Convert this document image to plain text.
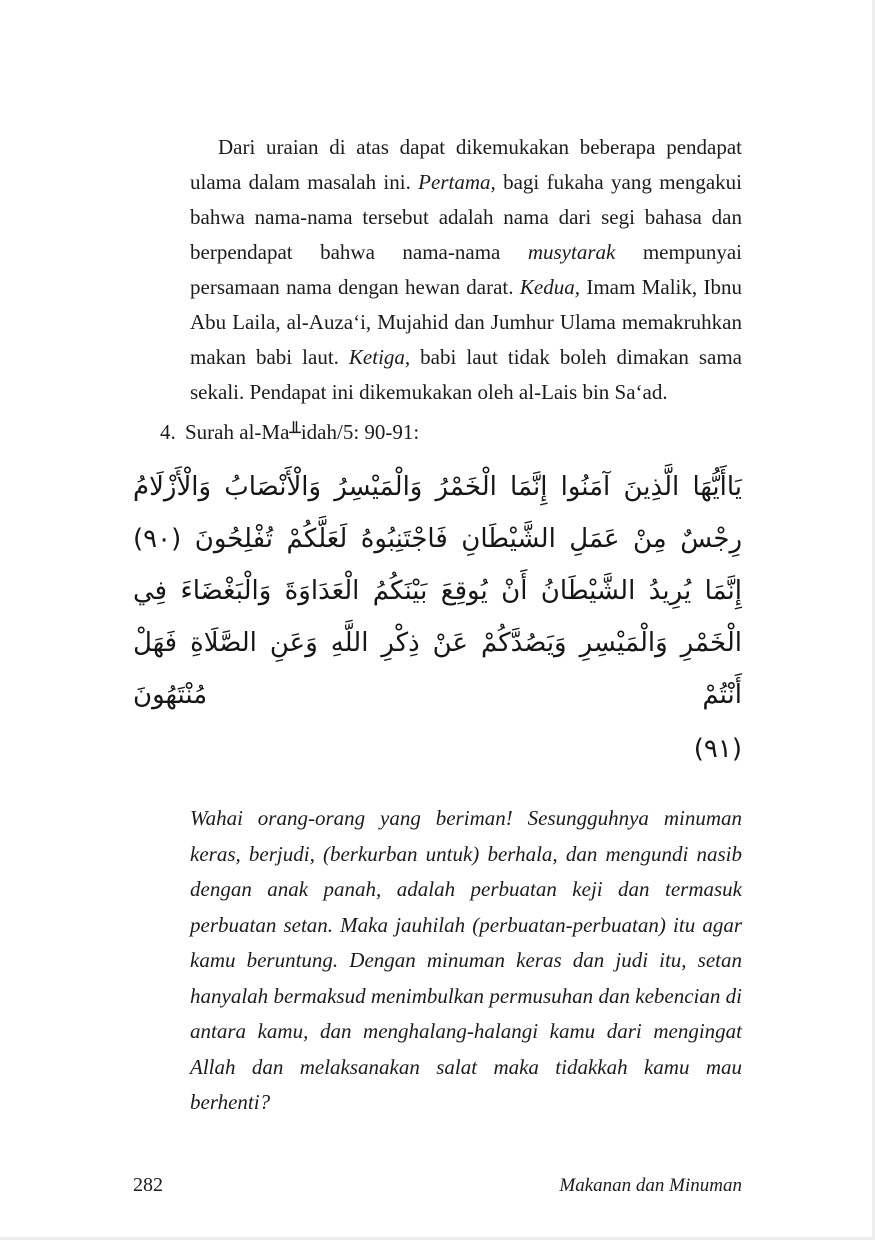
Dari uraian di atas dapat dikemukakan beberapa pendapat ulama dalam masalah ini. Pertama, bagi fukaha yang mengakui bahwa nama-nama tersebut adalah nama dari segi bahasa dan berpendapat bahwa nama-nama musytarak mempunyai persamaan nama dengan hewan darat. Kedua, Imam Malik, Ibnu Abu Laila, al-Auza‘i, Mujahid dan Jumhur Ulama memakruhkan makan babi laut. Ketiga, babi laut tidak boleh dimakan sama sekali. Pendapat ini dikemukakan oleh al-Lais bin Sa‘ad.

4. Surah al-Ma╨idah/5: 90-91:
يَاأَيُّهَا الَّذِينَ آمَنُوا إِنَّمَا الْخَمْرُ وَالْمَيْسِرُ وَالْأَنْصَابُ وَالْأَزْلَامُ رِجْسٌ مِنْ عَمَلِ الشَّيْطَانِ فَاجْتَنِبُوهُ لَعَلَّكُمْ تُفْلِحُونَ (٩٠) إِنَّمَا يُرِيدُ الشَّيْطَانُ أَنْ يُوقِعَ بَيْنَكُمُ الْعَدَاوَةَ وَالْبَغْضَاءَ فِي الْخَمْرِ وَالْمَيْسِرِ وَيَصُدَّكُمْ عَنْ ذِكْرِ اللَّهِ وَعَنِ الصَّلَاةِ فَهَلْ أَنْتُمْ مُنْتَهُونَ
(٩١)

Wahai orang-orang yang beriman! Sesungguhnya minuman keras, berjudi, (berkurban untuk) berhala, dan mengundi nasib dengan anak panah, adalah perbuatan keji dan termasuk perbuatan setan. Maka jauhilah (perbuatan-perbuatan) itu agar kamu beruntung. Dengan minuman keras dan judi itu, setan hanyalah bermaksud menimbulkan permusuhan dan kebencian di antara kamu, dan menghalang-halangi kamu dari mengingat Allah dan melaksanakan salat maka tidakkah kamu mau berhenti?

282	Makanan dan Minuman
